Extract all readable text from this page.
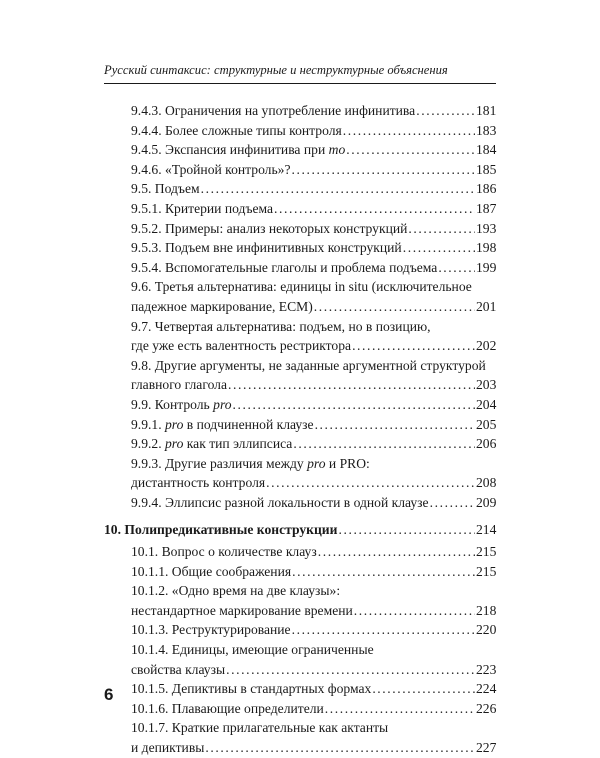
Русский синтаксис: структурные и неструктурные объяснения
9.4.3. Ограничения на употребление инфинитива .....	181
9.4.4. Более сложные типы контроля .....	183
9.4.5. Экспансия инфинитива при то .....	184
9.4.6. «Тройной контроль»? .....	185
9.5. Подъем .....	186
9.5.1. Критерии подъема .....	187
9.5.2. Примеры: анализ некоторых конструкций .....	193
9.5.3. Подъем вне инфинитивных конструкций .....	198
9.5.4. Вспомогательные глаголы и проблема подъема .....	199
9.6. Третья альтернатива: единицы in situ (исключительное
падежное маркирование, ECM) .....	201
9.7. Четвертая альтернатива: подъем, но в позицию,
где уже есть валентность рестриктора .....	202
9.8. Другие аргументы, не заданные аргументной структурой
главного глагола .....	203
9.9. Контроль pro .....	204
9.9.1. pro в подчиненной клаузе .....	205
9.9.2. pro как тип эллипсиса .....	206
9.9.3. Другие различия между pro и PRO:
дистантность контроля .....	208
9.9.4. Эллипсис разной локальности в одной клаузе .....	209
10. Полипредикативные конструкции .....	214
10.1. Вопрос о количестве клауз .....	215
10.1.1. Общие соображения .....	215
10.1.2. «Одно время на две клаузы»:
нестандартное маркирование времени .....	218
10.1.3. Реструктурирование .....	220
10.1.4. Единицы, имеющие ограниченные
свойства клаузы .....	223
10.1.5. Депиктивы в стандартных формах .....	224
10.1.6. Плавающие определители .....	226
10.1.7. Краткие прилагательные как актанты
и депиктивы .....	227
6
